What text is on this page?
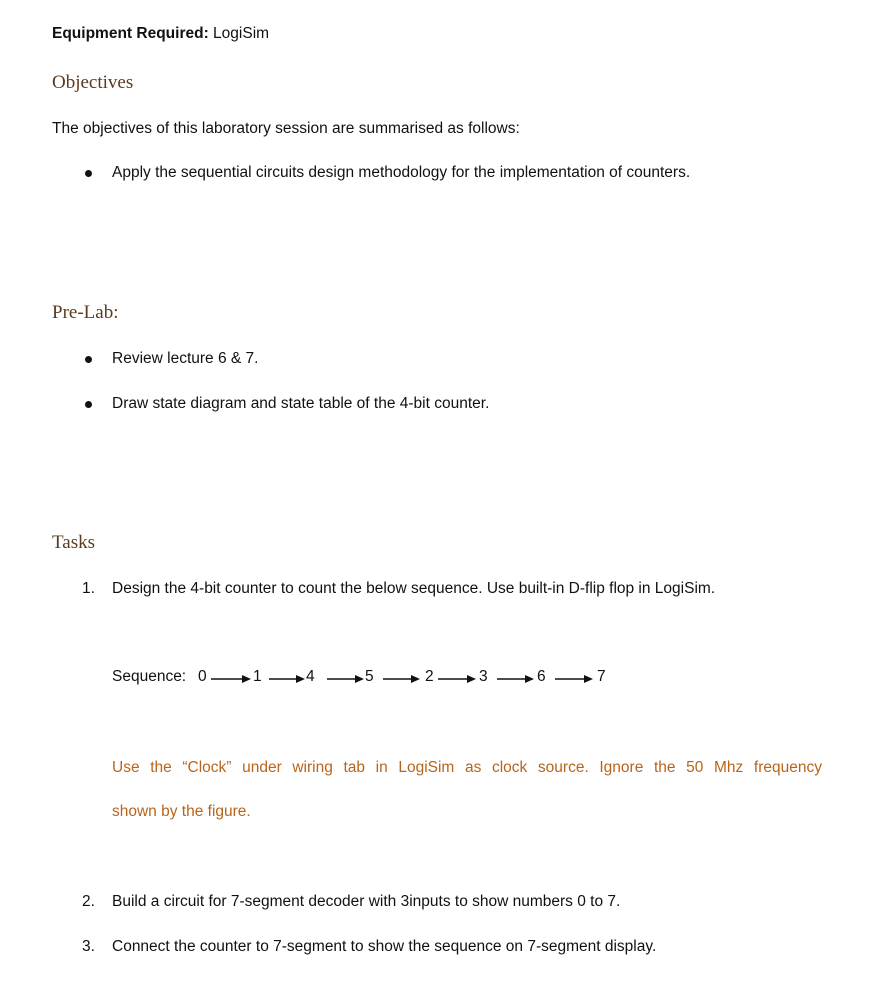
Equipment Required: LogiSim
Objectives
The objectives of this laboratory session are summarised as follows:
Apply the sequential circuits design methodology for the implementation of counters.
Pre-Lab:
Review lecture 6 & 7.
Draw state diagram and state table of the 4-bit counter.
Tasks
1. Design the 4-bit counter to count the below sequence. Use built-in D-flip flop in LogiSim.
Sequence: 0	1	4	5	2	3	6	7
Use the “Clock” under wiring tab in LogiSim as clock source. Ignore the 50 Mhz frequency
shown by the figure.
2. Build a circuit for 7-segment decoder with 3inputs to show numbers 0 to 7.
3. Connect the counter to 7-segment to show the sequence on 7-segment display.
